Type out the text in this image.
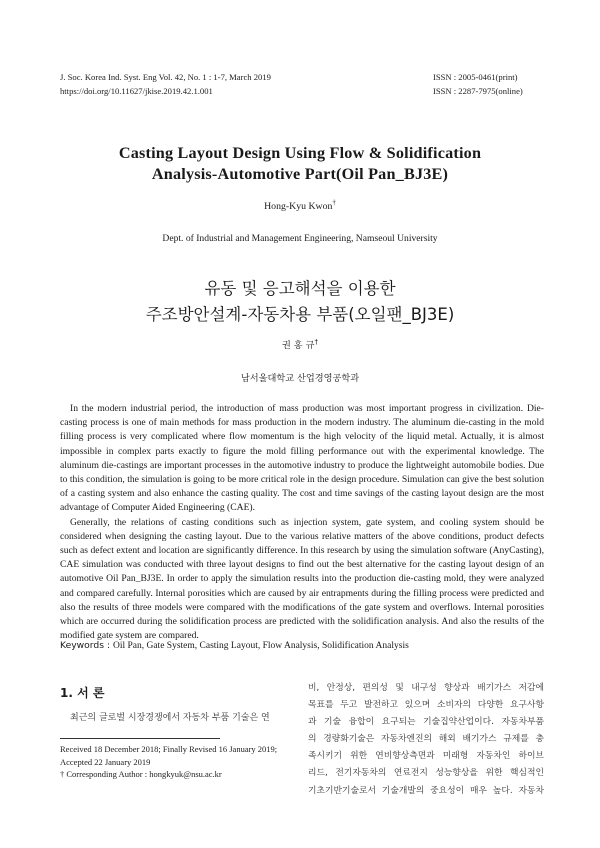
J. Soc. Korea Ind. Syst. Eng Vol. 42, No. 1 : 1-7, March 2019
https://doi.org/10.11627/jkise.2019.42.1.001
ISSN : 2005-0461(print)
ISSN : 2287-7975(online)
Casting Layout Design Using Flow & Solidification
Analysis-Automotive Part(Oil Pan_BJ3E)
Hong-Kyu Kwon†
Dept. of Industrial and Management Engineering, Namseoul University
유동 및 응고해석을 이용한
주조방안설계-자동차용 부품(오일팬_BJ3E)
권 홍 규†
남서울대학교 산업경영공학과

In the modern industrial period, the introduction of mass production was most important progress in civilization. Die-casting process is one of main methods for mass production in the modern industry. The aluminum die-casting in the mold filling process is very complicated where flow momentum is the high velocity of the liquid metal. Actually, it is almost impossible in complex parts exactly to figure the mold filling performance out with the experimental knowledge. The aluminum die-castings are important processes in the automotive industry to produce the lightweight automobile bodies. Due to this condition, the simulation is going to be more critical role in the design procedure. Simulation can give the best solution of a casting system and also enhance the casting quality. The cost and time savings of the casting layout design are the most advantage of Computer Aided Engineering (CAE).

Generally, the relations of casting conditions such as injection system, gate system, and cooling system should be considered when designing the casting layout. Due to the various relative matters of the above conditions, product defects such as defect extent and location are significantly difference. In this research by using the simulation software (AnyCasting), CAE simulation was conducted with three layout designs to find out the best alternative for the casting layout design of an automotive Oil Pan_BJ3E. In order to apply the simulation results into the production die-casting mold, they were analyzed and compared carefully. Internal porosities which are caused by air entrapments during the filling process were predicted and also the results of three models were compared with the modifications of the gate system and overflows. Internal porosities which are occurred during the solidification process are predicted with the solidification analysis. And also the results of the modified gate system are compared.

Keywords : Oil Pan, Gate System, Casting Layout, Flow Analysis, Solidification Analysis
1. 서 론
최근의 글로벌 시장경쟁에서 자동차 부품 기술은 연
Received 18 December 2018; Finally Revised 16 January 2019;
Accepted 22 January 2019
† Corresponding Author : hongkyuk@nsu.ac.kr
비, 안정상, 편의성 및 내구성 향상과 배기가스 저감에
목표를 두고 발전하고 있으며 소비자의 다양한 요구사항
과 기술 융합이 요구되는 기술집약산업이다. 자동차부품
의 경량화기술은 자동차엔진의 해외 배기가스 규제를 충
족시키기 위한 연비향상측면과 미래형 자동차인 하이브
리드, 전기자동차의 연료전지 성능향상을 위한 핵심적인
기초기반기술로서 기술개발의 중요성이 매우 높다. 자동차
